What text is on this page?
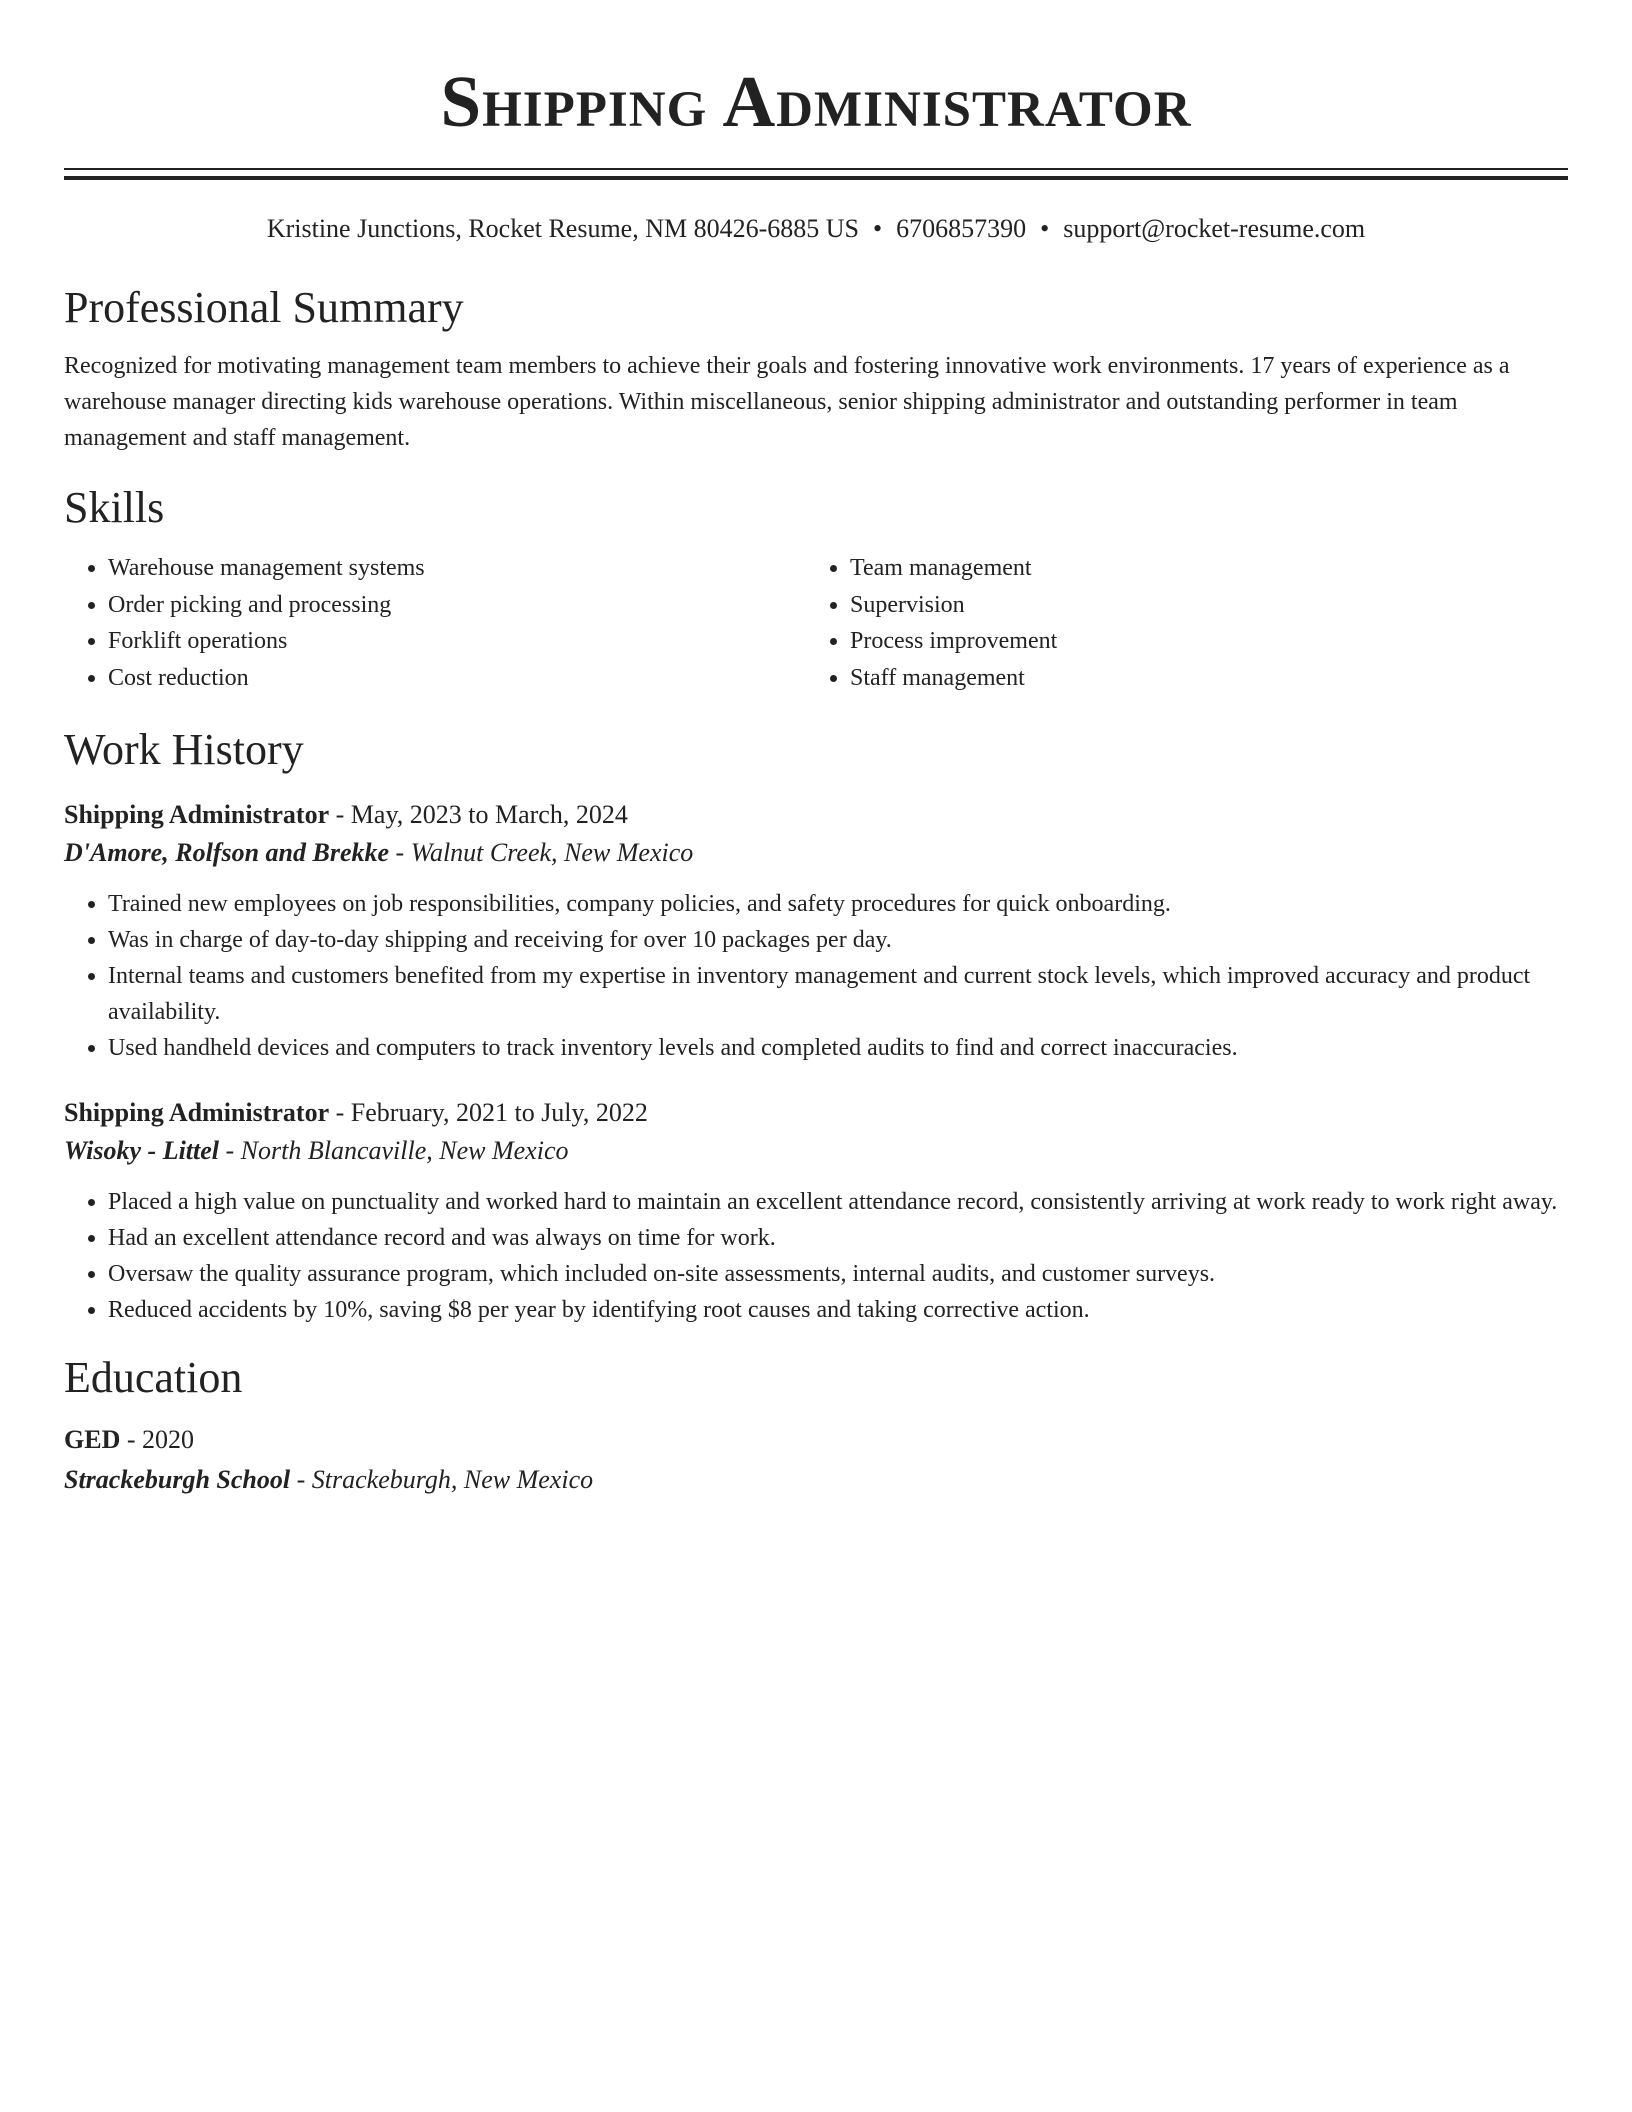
Shipping Administrator
Kristine Junctions, Rocket Resume, NM 80426-6885 US • 6706857390 • support@rocket-resume.com
Professional Summary
Recognized for motivating management team members to achieve their goals and fostering innovative work environments. 17 years of experience as a warehouse manager directing kids warehouse operations. Within miscellaneous, senior shipping administrator and outstanding performer in team management and staff management.
Skills
• Warehouse management systems
• Order picking and processing
• Forklift operations
• Cost reduction
• Team management
• Supervision
• Process improvement
• Staff management
Work History
Shipping Administrator - May, 2023 to March, 2024
D'Amore, Rolfson and Brekke - Walnut Creek, New Mexico
• Trained new employees on job responsibilities, company policies, and safety procedures for quick onboarding.
• Was in charge of day-to-day shipping and receiving for over 10 packages per day.
• Internal teams and customers benefited from my expertise in inventory management and current stock levels, which improved accuracy and product availability.
• Used handheld devices and computers to track inventory levels and completed audits to find and correct inaccuracies.
Shipping Administrator - February, 2021 to July, 2022
Wisoky - Littel - North Blancaville, New Mexico
• Placed a high value on punctuality and worked hard to maintain an excellent attendance record, consistently arriving at work ready to work right away.
• Had an excellent attendance record and was always on time for work.
• Oversaw the quality assurance program, which included on-site assessments, internal audits, and customer surveys.
• Reduced accidents by 10%, saving $8 per year by identifying root causes and taking corrective action.
Education
GED - 2020
Strackeburgh School - Strackeburgh, New Mexico
